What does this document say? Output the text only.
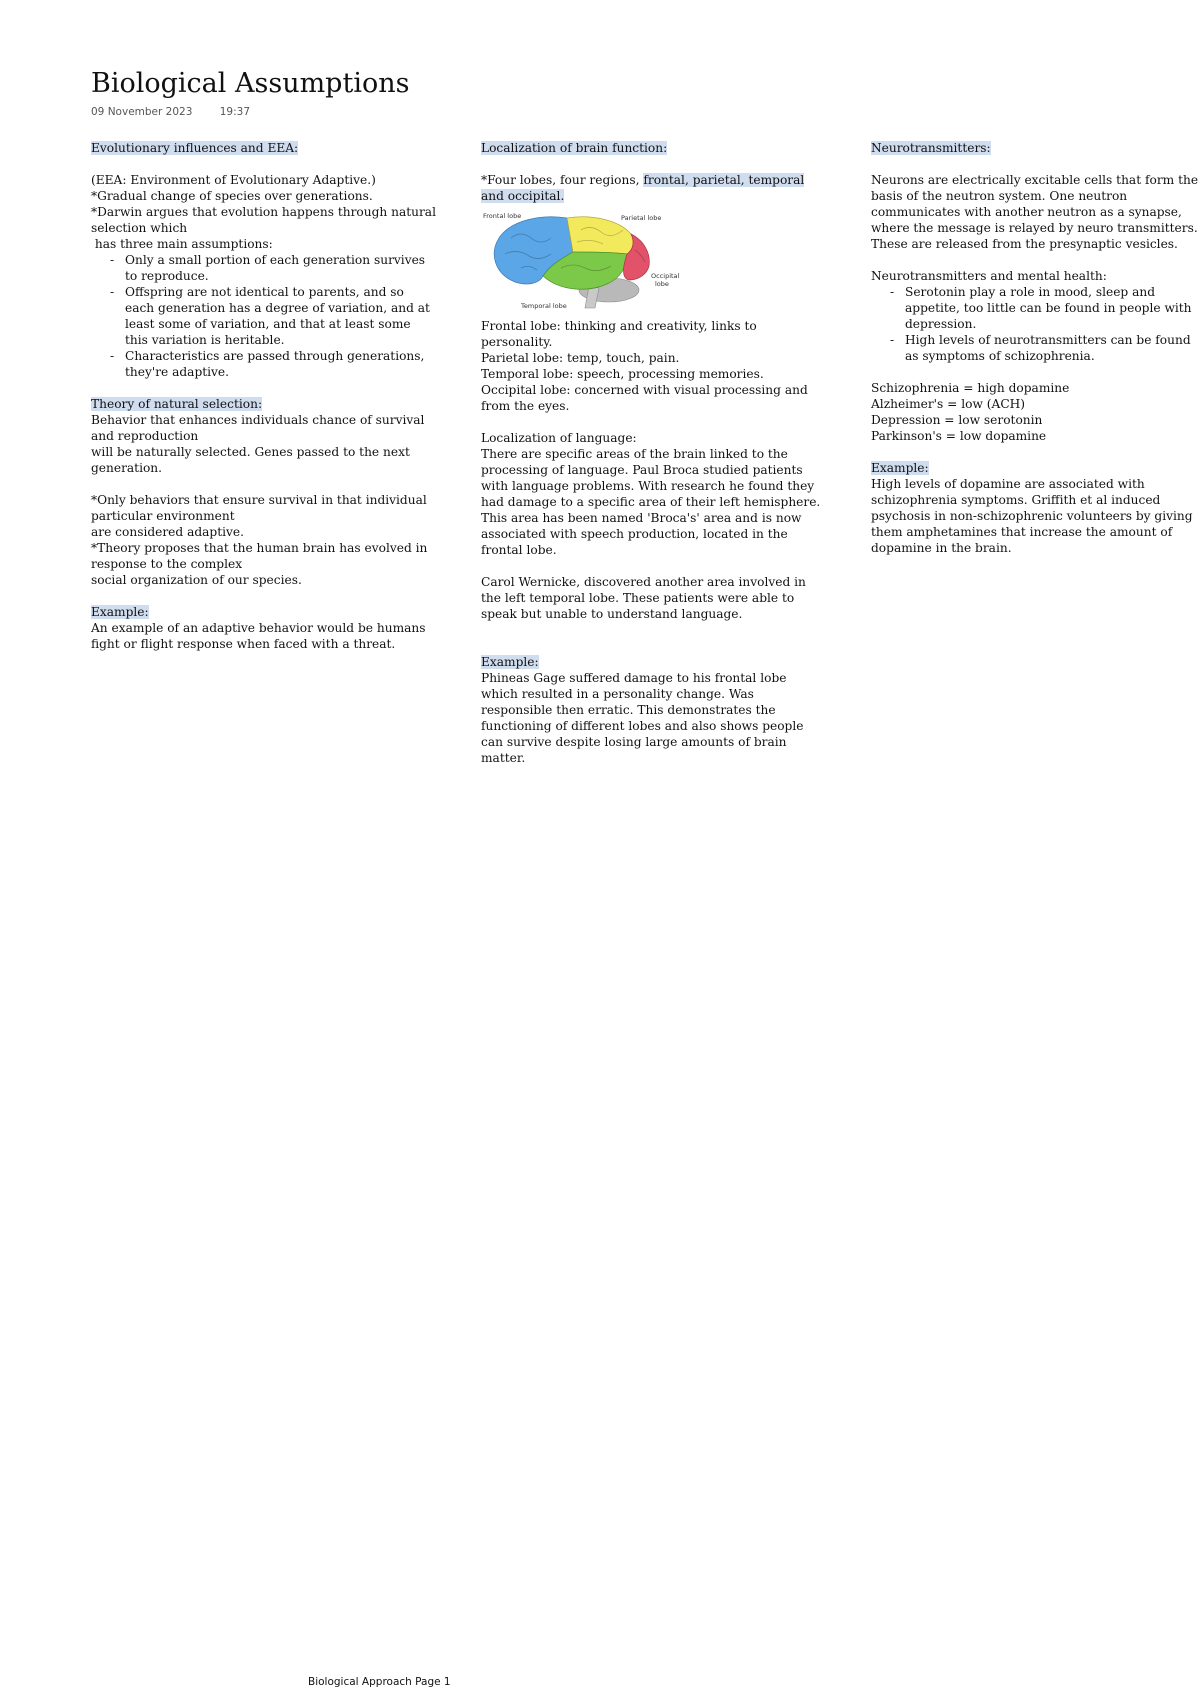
Biological Assumptions
09 November 2023	19:37

Evolutionary influences and EEA:

(EEA: Environment of Evolutionary Adaptive.)

*Gradual change of species over generations.

*Darwin argues that evolution happens through natural selection which

has three main assumptions:

- Only a small portion of each generation survives to reproduce.
- Offspring are not identical to parents, and so each generation has a degree of variation, and at least some of variation, and that at least some this variation is heritable.
- Characteristics are passed through generations, they're adaptive.

Theory of natural selection:

Behavior that enhances individuals chance of survival and reproduction

will be naturally selected. Genes passed to the next generation.

*Only behaviors that ensure survival in that individual particular environment

are considered adaptive.

*Theory proposes that the human brain has evolved in response to the complex

social organization of our species.

Example:

An example of an adaptive behavior would be humans fight or flight response when faced with a threat.

Localization of brain function:

*Four lobes, four regions, frontal, parietal, temporal and occipital.

Frontal lobe	Parietal lobe
Occipital
lobe
Temporal lobe

Frontal lobe: thinking and creativity, links to personality.

Parietal lobe: temp, touch, pain.

Temporal lobe: speech, processing memories.

Occipital lobe: concerned with visual processing and from the eyes.

Localization of language:

There are specific areas of the brain linked to the processing of language. Paul Broca studied patients with language problems. With research he found they had damage to a specific area of their left hemisphere. This area has been named 'Broca's' area and is now associated with speech production, located in the frontal lobe.

Carol Wernicke, discovered another area involved in the left temporal lobe. These patients were able to speak but unable to understand language.

Example:

Phineas Gage suffered damage to his frontal lobe which resulted in a personality change. Was responsible then erratic. This demonstrates the functioning of different lobes and also shows people can survive despite losing large amounts of brain matter.

Neurotransmitters:

Neurons are electrically excitable cells that form the basis of the neutron system. One neutron communicates with another neutron as a synapse, where the message is relayed by neuro transmitters. These are released from the presynaptic vesicles.

Neurotransmitters and mental health:

- Serotonin play a role in mood, sleep and appetite, too little can be found in people with depression.
- High levels of neurotransmitters can be found as symptoms of schizophrenia.

Schizophrenia = high dopamine

Alzheimer's = low (ACH)

Depression = low serotonin

Parkinson's = low dopamine

Example:

High levels of dopamine are associated with schizophrenia symptoms. Griffith et al induced psychosis in non-schizophrenic volunteers by giving them amphetamines that increase the amount of dopamine in the brain.

Biological Approach Page 1
